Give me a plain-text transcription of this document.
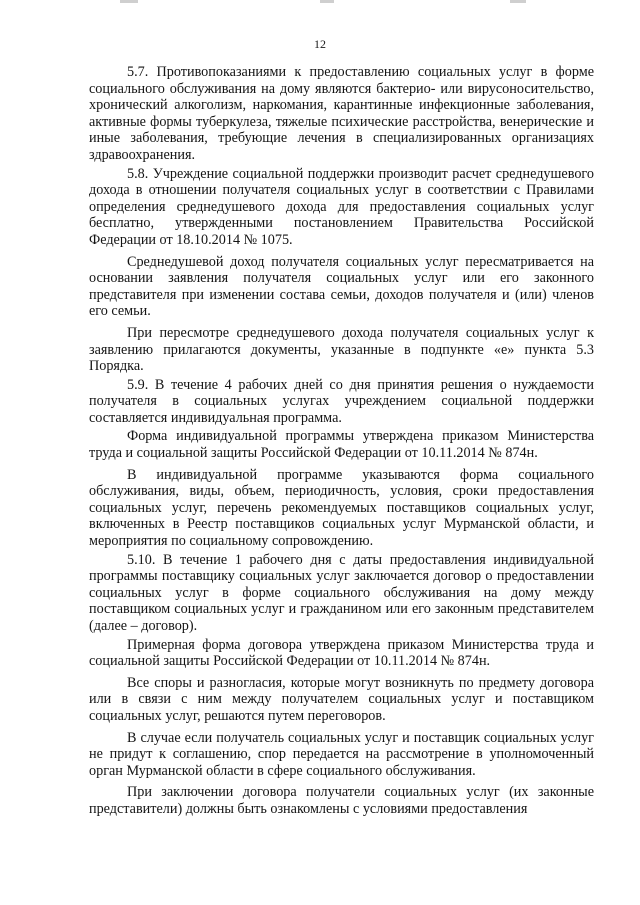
12

5.7. Противопоказаниями к предоставлению социальных услуг в форме социального обслуживания на дому являются бактерио- или вирусоносительство, хронический алкоголизм, наркомания, карантинные инфекционные заболевания, активные формы туберкулеза, тяжелые психические расстройства, венерические и иные заболевания, требующие лечения в специализированных организациях здравоохранения.

5.8. Учреждение социальной поддержки производит расчет среднедушевого дохода в отношении получателя социальных услуг в соответствии с Правилами определения среднедушевого дохода для предоставления социальных услуг бесплатно, утвержденными постановлением Правительства Российской Федерации от 18.10.2014 № 1075.

Среднедушевой доход получателя социальных услуг пересматривается на основании заявления получателя социальных услуг или его законного представителя при изменении состава семьи, доходов получателя и (или) членов его семьи.

При пересмотре среднедушевого дохода получателя социальных услуг к заявлению прилагаются документы, указанные в подпункте «е» пункта 5.3 Порядка.

5.9. В течение 4 рабочих дней со дня принятия решения о нуждаемости получателя в социальных услугах учреждением социальной поддержки составляется индивидуальная программа.

Форма индивидуальной программы утверждена приказом Министерства труда и социальной защиты Российской Федерации от 10.11.2014 № 874н.

В индивидуальной программе указываются форма социального обслуживания, виды, объем, периодичность, условия, сроки предоставления социальных услуг, перечень рекомендуемых поставщиков социальных услуг, включенных в Реестр поставщиков социальных услуг Мурманской области, и мероприятия по социальному сопровождению.

5.10. В течение 1 рабочего дня с даты предоставления индивидуальной программы поставщику социальных услуг заключается договор о предоставлении социальных услуг в форме социального обслуживания на дому между поставщиком социальных услуг и гражданином или его законным представителем (далее – договор).

Примерная форма договора утверждена приказом Министерства труда и социальной защиты Российской Федерации от 10.11.2014 № 874н.

Все споры и разногласия, которые могут возникнуть по предмету договора или в связи с ним между получателем социальных услуг и поставщиком социальных услуг, решаются путем переговоров.

В случае если получатель социальных услуг и поставщик социальных услуг не придут к соглашению, спор передается на рассмотрение в уполномоченный орган Мурманской области в сфере социального обслуживания.

При заключении договора получатели социальных услуг (их законные представители) должны быть ознакомлены с условиями предоставления
